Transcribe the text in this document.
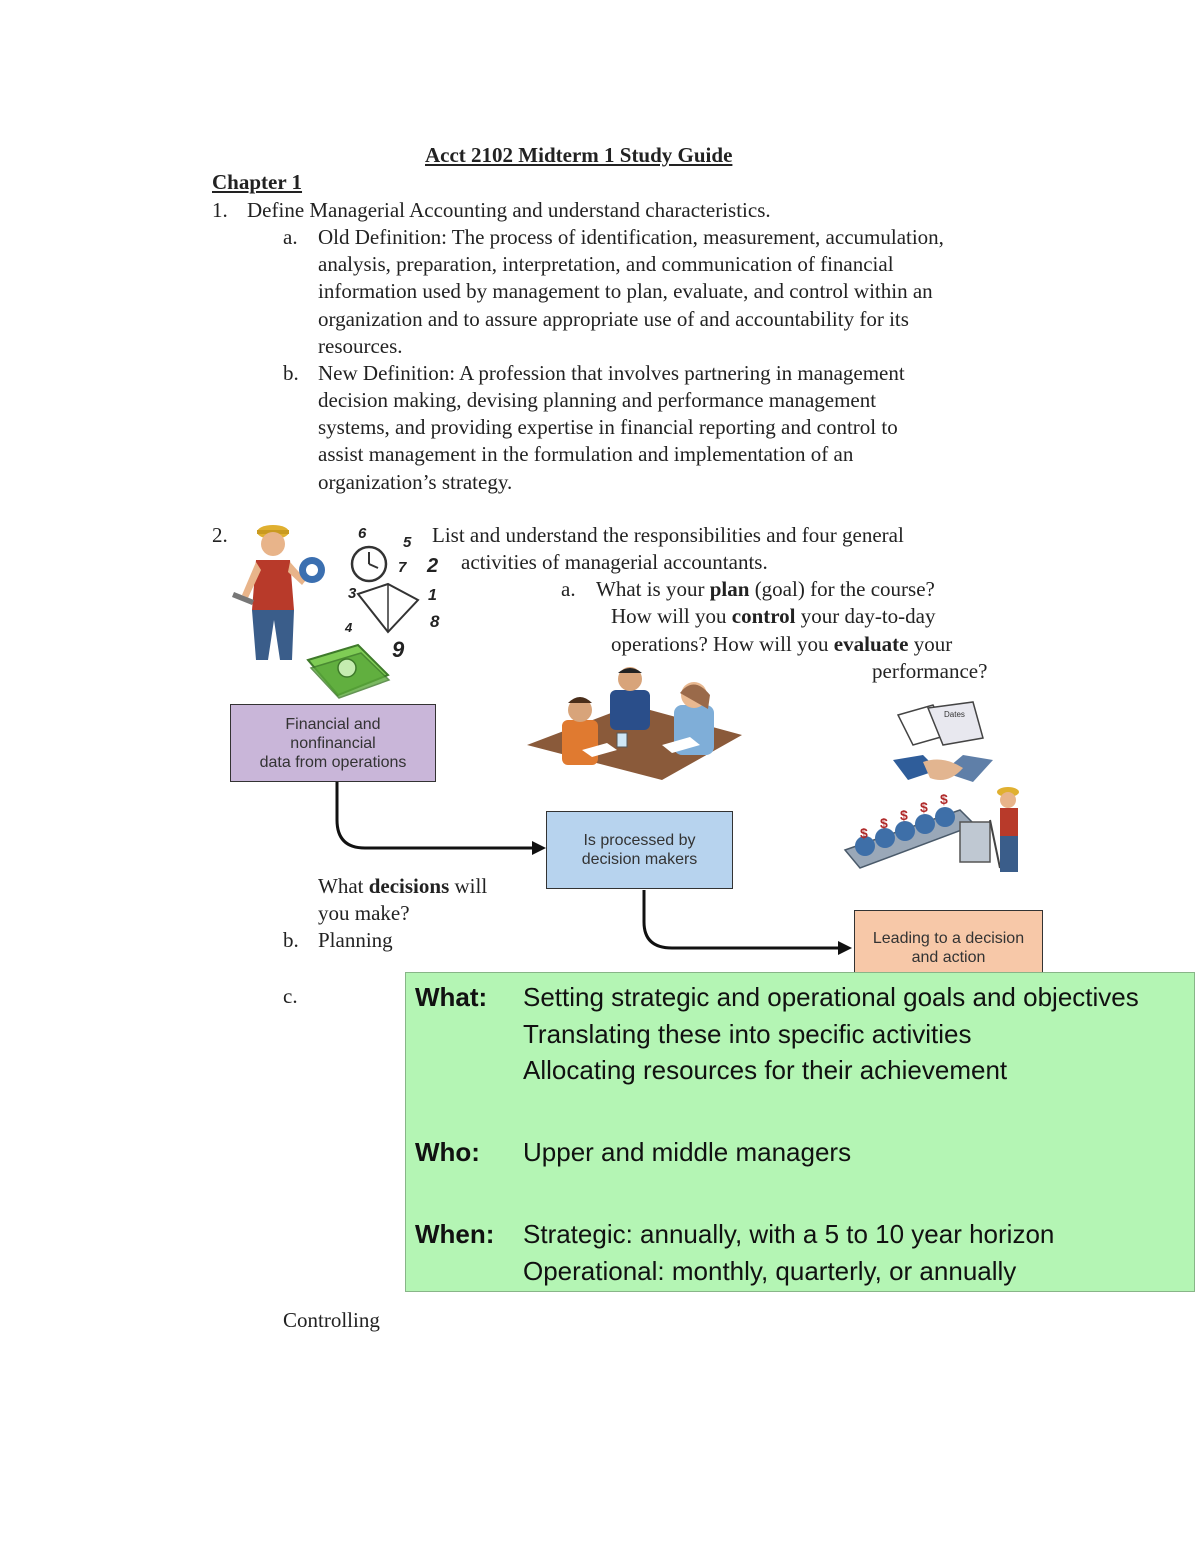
Acct 2102 Midterm 1 Study Guide
Chapter 1
1. Define Managerial Accounting and understand characteristics.
a. Old Definition: The process of identification, measurement, accumulation,
analysis, preparation, interpretation, and communication of financial
information used by management to plan, evaluate, and control within an
organization and to assure appropriate use of and accountability for its
resources.
b. New Definition: A profession that involves partnering in management
decision making, devising planning and performance management
systems, and providing expertise in financial reporting and control to
assist management in the formulation and implementation of an
organization’s strategy.
2.	List and understand the responsibilities and four general
activities of managerial accountants.
a. What is your plan (goal) for the course?
How will you control your day-to-day
operations? How will you evaluate your
performance?
What decisions will
you make?
b. Planning
c.
Controlling
6
5
7 2
3	1
4	8
9
Dates
$
$ $ $ $
Financial and
nonfinancial
data from operations
Is processed by
decision makers
Leading to a decision
and action
What: Setting strategic and operational goals and objectives
Translating these into specific activities
Allocating resources for their achievement
Who: Upper and middle managers
When: Strategic: annually, with a 5 to 10 year horizon
Operational: monthly, quarterly, or annually
